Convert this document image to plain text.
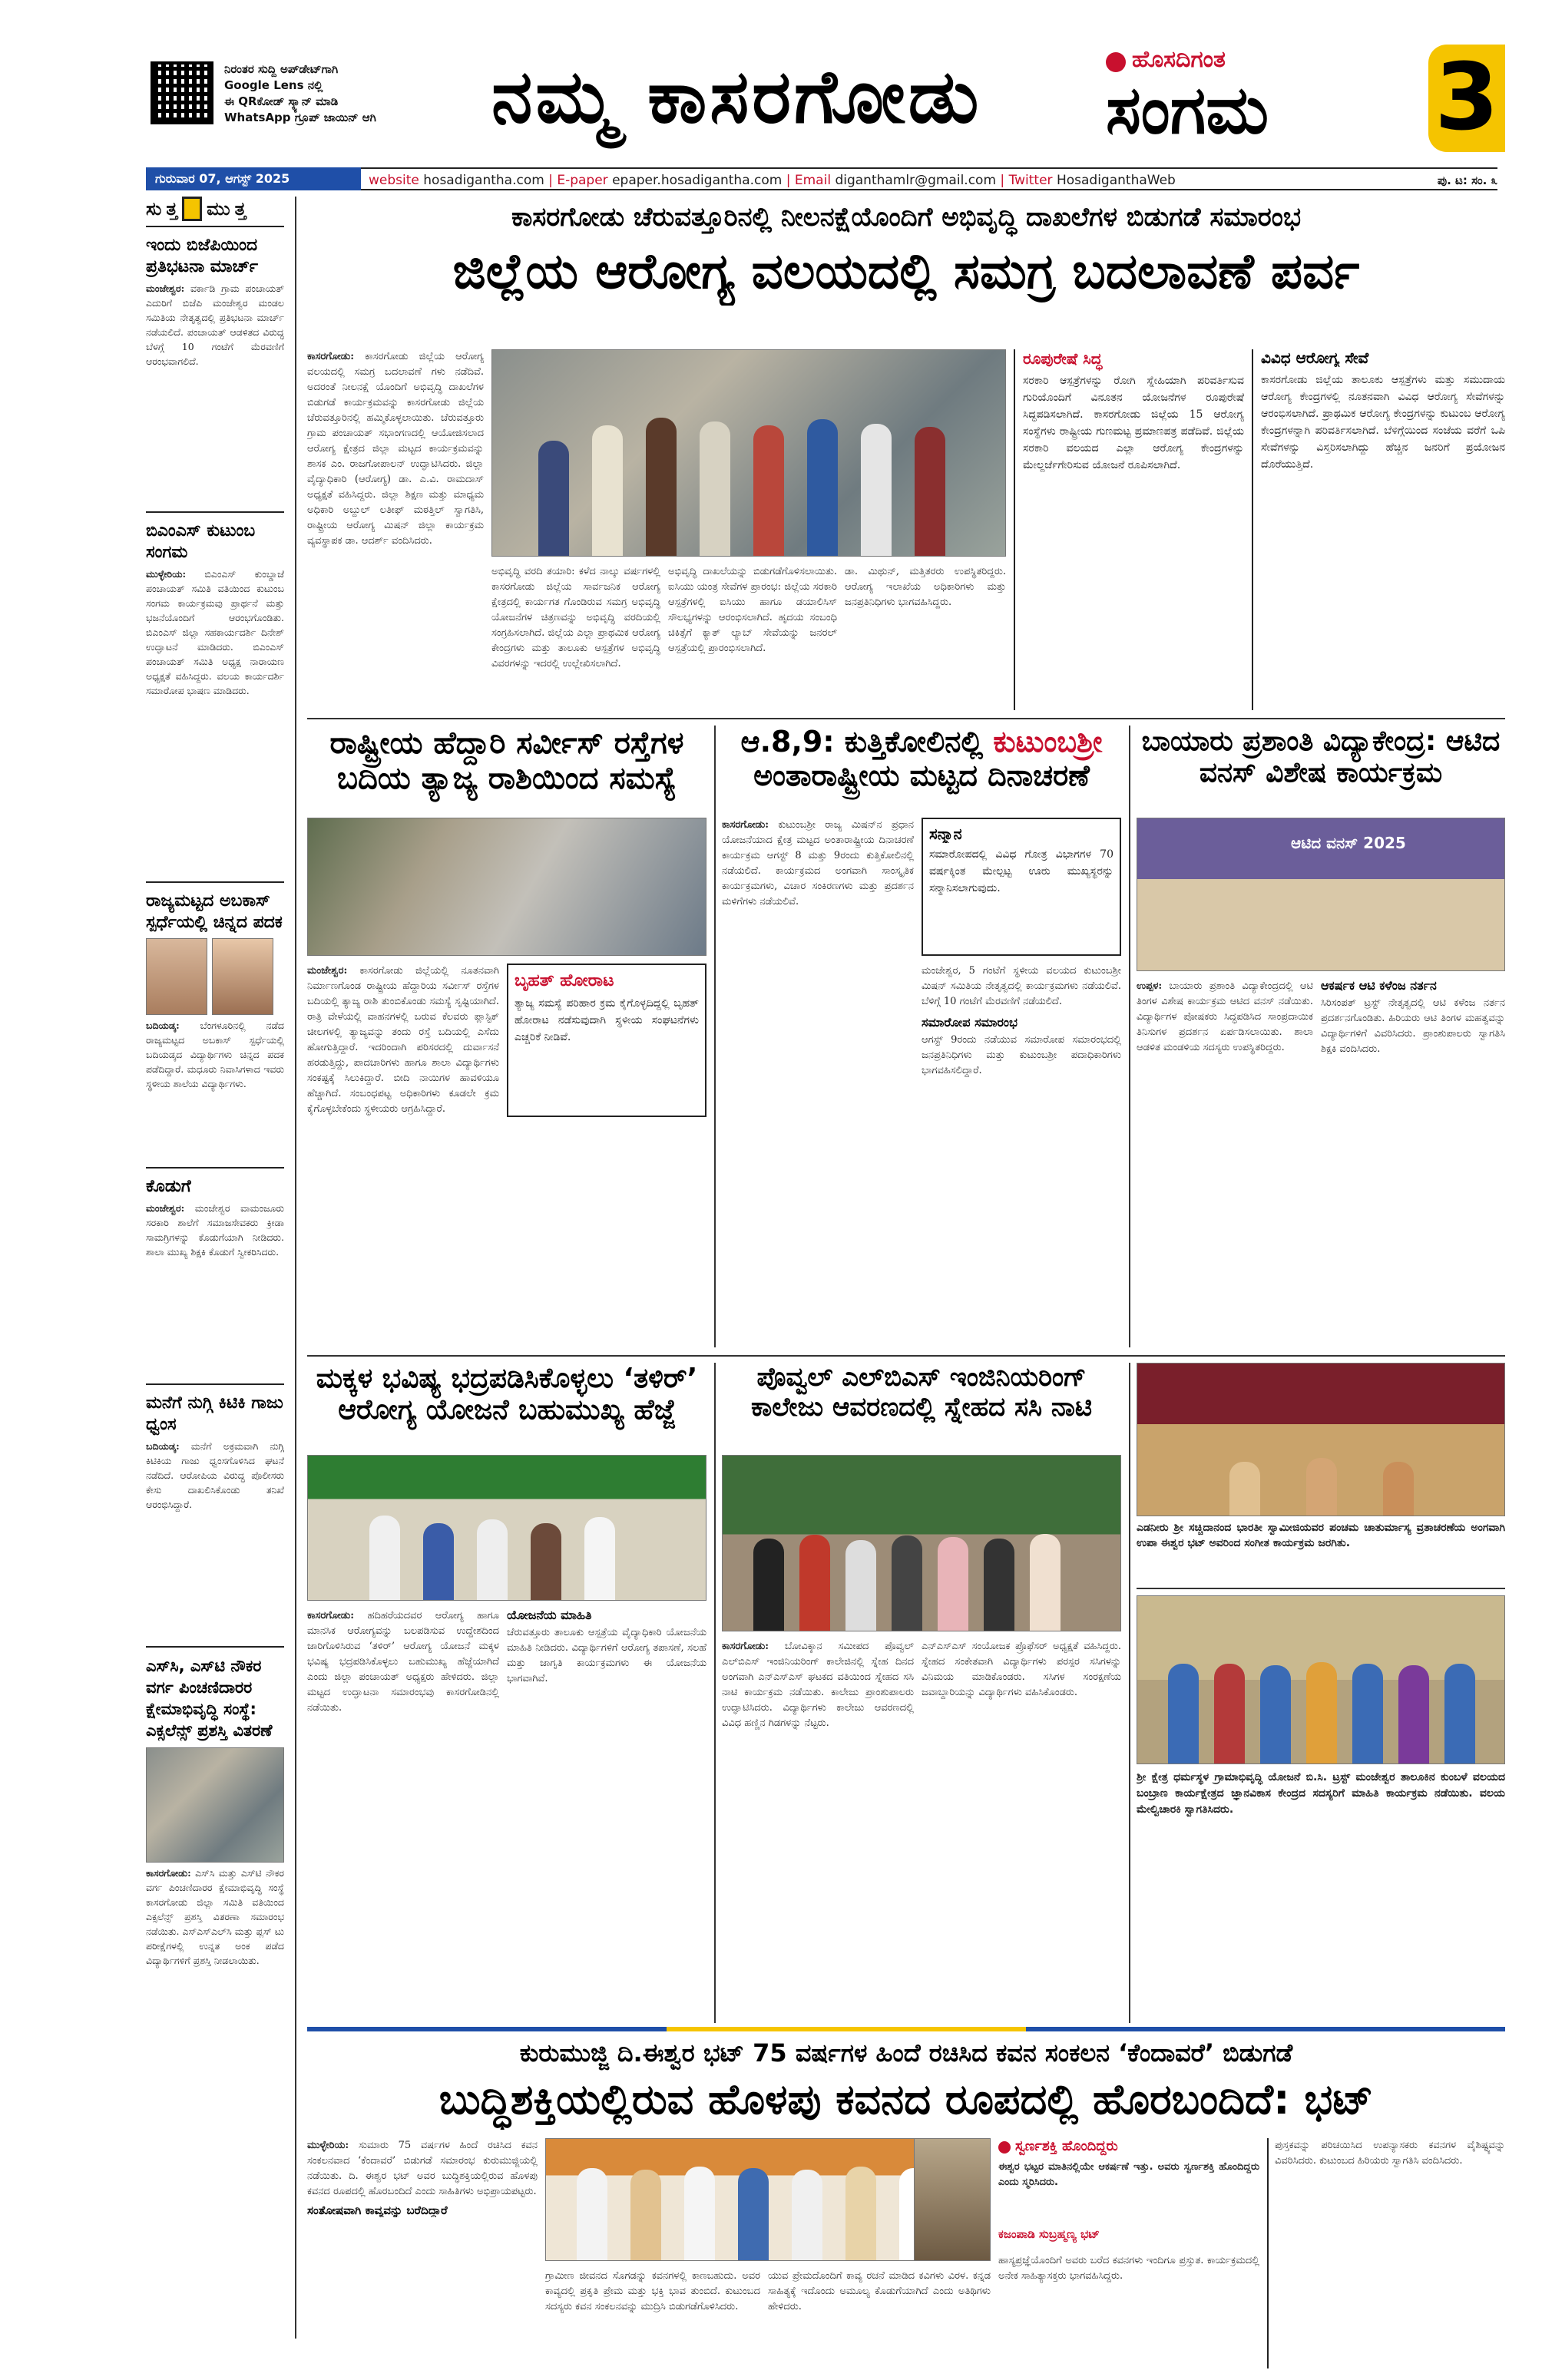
ನಿರಂತರ ಸುದ್ದಿ ಅಪ್‌ಡೇಟ್‌ಗಾಗಿ
Google Lens ನಲ್ಲಿ
ಈ QRಕೋಡ್ ಸ್ಕ್ಯಾನ್ ಮಾಡಿ
WhatsApp ಗ್ರೂಪ್ ಜಾಯಿನ್ ಆಗಿ ನಮ್ಮ ಕಾಸರಗೋಡು	ಹೊಸದಿಗಂತ
ಸಂಗಮ 3
ಗುರುವಾರ 07, ಆಗಸ್ಟ್ 2025	website hosadigantha.com | E-paper epaper.hosadigantha.com | Email diganthamlr@gmail.com | Twitter HosadiganthaWeb	ಪು. ಟ: ಸಂ. ೩
ಸು ತ್ತ ಮು ತ್ತ
ಇಂದು ಬಿಜೆಪಿಯಿಂದ ಪ್ರತಿಭಟನಾ ಮಾರ್ಚ್
ಮಂಜೇಶ್ವರ: ವರ್ಕಾಡಿ ಗ್ರಾಮ ಪಂಚಾಯತ್ ಎದುರಿಗೆ ಬಿಜೆಪಿ ಮಂಜೇಶ್ವರ ಮಂಡಲ ಸಮಿತಿಯ ನೇತೃತ್ವದಲ್ಲಿ ಪ್ರತಿಭಟನಾ ಮಾರ್ಚ್ ನಡೆಯಲಿದೆ. ಪಂಚಾಯತ್ ಆಡಳಿತದ ವಿರುದ್ಧ ಬೆಳಗ್ಗೆ 10 ಗಂಟೆಗೆ ಮೆರವಣಿಗೆ ಆರಂಭವಾಗಲಿದೆ.
ಬಿಎಂಎಸ್ ಕುಟುಂಬ ಸಂಗಮ
ಮುಳ್ಳೇರಿಯ: ಬಿಎಂಎಸ್ ಕುಂಬ್ಡಾಜೆ ಪಂಚಾಯತ್ ಸಮಿತಿ ವತಿಯಿಂದ ಕುಟುಂಬ ಸಂಗಮ ಕಾರ್ಯಕ್ರಮವು ಪ್ರಾರ್ಥನೆ ಮತ್ತು ಭಜನೆಯೊಂದಿಗೆ ಆರಂಭಗೊಂಡಿತು. ಬಿಎಂಎಸ್ ಜಿಲ್ಲಾ ಸಹಕಾರ್ಯದರ್ಶಿ ದಿನೇಶ್ ಉದ್ಘಾಟನೆ ಮಾಡಿದರು. ಬಿಎಂಎಸ್ ಪಂಚಾಯತ್ ಸಮಿತಿ ಅಧ್ಯಕ್ಷ ನಾರಾಯಣ ಅಧ್ಯಕ್ಷತೆ ವಹಿಸಿದ್ದರು. ವಲಯ ಕಾರ್ಯದರ್ಶಿ ಸಮಾರೋಪ ಭಾಷಣ ಮಾಡಿದರು.
ರಾಜ್ಯಮಟ್ಟದ ಅಬಕಾಸ್ ಸ್ಪರ್ಧೆಯಲ್ಲಿ ಚಿನ್ನದ ಪದಕ
ಬದಿಯಡ್ಕ: ಬೆಂಗಳೂರಿನಲ್ಲಿ ನಡೆದ ರಾಜ್ಯಮಟ್ಟದ ಅಬಕಾಸ್ ಸ್ಪರ್ಧೆಯಲ್ಲಿ ಬದಿಯಡ್ಕದ ವಿದ್ಯಾರ್ಥಿಗಳು ಚಿನ್ನದ ಪದಕ ಪಡೆದಿದ್ದಾರೆ. ಮಧೂರು ನಿವಾಸಿಗಳಾದ ಇವರು ಸ್ಥಳೀಯ ಶಾಲೆಯ ವಿದ್ಯಾರ್ಥಿಗಳು.
ಕೊಡುಗೆ
ಮಂಜೇಶ್ವರ: ಮಂಜೇಶ್ವರ ವಾಮಂಜೂರು ಸರಕಾರಿ ಶಾಲೆಗೆ ಸಮಾಜಸೇವಕರು ಕ್ರೀಡಾ ಸಾಮಗ್ರಿಗಳನ್ನು ಕೊಡುಗೆಯಾಗಿ ನೀಡಿದರು. ಶಾಲಾ ಮುಖ್ಯ ಶಿಕ್ಷಕಿ ಕೊಡುಗೆ ಸ್ವೀಕರಿಸಿದರು.
ಮನೆಗೆ ನುಗ್ಗಿ ಕಿಟಿಕಿ ಗಾಜು ಧ್ವಂಸ
ಬದಿಯಡ್ಕ: ಮನೆಗೆ ಅಕ್ರಮವಾಗಿ ನುಗ್ಗಿ ಕಿಟಿಕಿಯ ಗಾಜು ಧ್ವಂಸಗೊಳಿಸಿದ ಘಟನೆ ನಡೆದಿದೆ. ಆರೋಪಿಯ ವಿರುದ್ಧ ಪೊಲೀಸರು ಕೇಸು ದಾಖಲಿಸಿಕೊಂಡು ತನಿಖೆ ಆರಂಭಿಸಿದ್ದಾರೆ.
ಎಸ್‌ಸಿ, ಎಸ್‌ಟಿ ನೌಕರ ವರ್ಗ ಪಿಂಚಣಿದಾರರ ಕ್ಷೇಮಾಭಿವೃದ್ಧಿ ಸಂಸ್ಥೆ: ಎಕ್ಸಲೆನ್ಸ್ ಪ್ರಶಸ್ತಿ ವಿತರಣೆ
ಕಾಸರಗೋಡು: ಎಸ್‌ಸಿ ಮತ್ತು ಎಸ್‌ಟಿ ನೌಕರ ವರ್ಗ ಪಿಂಚಣಿದಾರರ ಕ್ಷೇಮಾಭಿವೃದ್ಧಿ ಸಂಸ್ಥೆ ಕಾಸರಗೋಡು ಜಿಲ್ಲಾ ಸಮಿತಿ ವತಿಯಿಂದ ಎಕ್ಸಲೆನ್ಸ್ ಪ್ರಶಸ್ತಿ ವಿತರಣಾ ಸಮಾರಂಭ ನಡೆಯಿತು. ಎಸ್‌ಎಸ್‌ಎಲ್‌ಸಿ ಮತ್ತು ಪ್ಲಸ್ ಟು ಪರೀಕ್ಷೆಗಳಲ್ಲಿ ಉನ್ನತ ಅಂಕ ಪಡೆದ ವಿದ್ಯಾರ್ಥಿಗಳಿಗೆ ಪ್ರಶಸ್ತಿ ನೀಡಲಾಯಿತು.
ಕಾಸರಗೋಡು ಚೆರುವತ್ತೂರಿನಲ್ಲಿ ನೀಲನಕ್ಷೆಯೊಂದಿಗೆ ಅಭಿವೃದ್ಧಿ ದಾಖಲೆಗಳ ಬಿಡುಗಡೆ ಸಮಾರಂಭ
ಜಿಲ್ಲೆಯ ಆರೋಗ್ಯ ವಲಯದಲ್ಲಿ ಸಮಗ್ರ ಬದಲಾವಣೆ ಪರ್ವ
ಕಾಸರಗೋಡು: ಕಾಸರಗೋಡು ಜಿಲ್ಲೆಯ ಆರೋಗ್ಯ ವಲಯದಲ್ಲಿ ಸಮಗ್ರ ಬದಲಾವಣೆ ಗಳು ನಡೆದಿವೆ. ಅದರಂತೆ ನೀಲನಕ್ಷೆ ಯೊಂದಿಗೆ ಅಭಿವೃದ್ಧಿ ದಾಖಲೆಗಳ ಬಿಡುಗಡೆ ಕಾರ್ಯಕ್ರಮವನ್ನು ಕಾಸರಗೋಡು ಜಿಲ್ಲೆಯ ಚೆರುವತ್ತೂರಿನಲ್ಲಿ ಹಮ್ಮಿಕೊಳ್ಳಲಾಯಿತು. ಚೆರುವತ್ತೂರು ಗ್ರಾಮ ಪಂಚಾಯತ್ ಸಭಾಂಗಣದಲ್ಲಿ ಆಯೋಜಿಸಲಾದ ಆರೋಗ್ಯ ಕ್ಷೇತ್ರದ ಜಿಲ್ಲಾ ಮಟ್ಟದ ಕಾರ್ಯಕ್ರಮವನ್ನು ಶಾಸಕ ಎಂ. ರಾಜಗೋಪಾಲನ್ ಉದ್ಘಾಟಿಸಿದರು. ಜಿಲ್ಲಾ ವೈದ್ಯಾಧಿಕಾರಿ (ಆರೋಗ್ಯ) ಡಾ. ಎ.ವಿ. ರಾಮದಾಸ್ ಅಧ್ಯಕ್ಷತೆ ವಹಿಸಿದ್ದರು. ಜಿಲ್ಲಾ ಶಿಕ್ಷಣ ಮತ್ತು ಮಾಧ್ಯಮ ಅಧಿಕಾರಿ ಅಬ್ದುಲ್ ಲತೀಫ್ ಮಠತ್ತಿಲ್ ಸ್ವಾಗತಿಸಿ, ರಾಷ್ಟ್ರೀಯ ಆರೋಗ್ಯ ಮಿಷನ್ ಜಿಲ್ಲಾ ಕಾರ್ಯಕ್ರಮ ವ್ಯವಸ್ಥಾಪಕ ಡಾ. ಆದರ್ಶ್ ವಂದಿಸಿದರು.
ಅಭಿವೃದ್ಧಿ ವರದಿ ತಯಾರಿ: ಕಳೆದ ನಾಲ್ಕು ವರ್ಷಗಳಲ್ಲಿ ಕಾಸರಗೋಡು ಜಿಲ್ಲೆಯ ಸಾರ್ವಜನಿಕ ಆರೋಗ್ಯ ಕ್ಷೇತ್ರದಲ್ಲಿ ಕಾರ್ಯಗತ ಗೊಂಡಿರುವ ಸಮಗ್ರ ಅಭಿವೃದ್ಧಿ ಯೋಜನೆಗಳ ಚಿತ್ರಣವನ್ನು ಅಭಿವೃದ್ಧಿ ವರದಿಯಲ್ಲಿ ಸಂಗ್ರಹಿಸಲಾಗಿದೆ. ಜಿಲ್ಲೆಯ ಎಲ್ಲಾ ಪ್ರಾಥಮಿಕ ಆರೋಗ್ಯ ಕೇಂದ್ರಗಳು ಮತ್ತು ತಾಲೂಕು ಆಸ್ಪತ್ರೆಗಳ ಅಭಿವೃದ್ಧಿ ವಿವರಗಳನ್ನು ಇದರಲ್ಲಿ ಉಲ್ಲೇಖಿಸಲಾಗಿದೆ.
ಅಭಿವೃದ್ಧಿ ದಾಖಲೆಯನ್ನು ಬಿಡುಗಡೆಗೊಳಿಸಲಾಯಿತು. ಐಸಿಯು ಯಂತ್ರ ಸೇವೆಗಳ ಪ್ರಾರಂಭ: ಜಿಲ್ಲೆಯ ಸರಕಾರಿ ಆಸ್ಪತ್ರೆಗಳಲ್ಲಿ ಐಸಿಯು ಹಾಗೂ ಡಯಾಲಿಸಿಸ್ ಸೌಲಭ್ಯಗಳನ್ನು ಆರಂಭಿಸಲಾಗಿದೆ. ಹೃದಯ ಸಂಬಂಧಿ ಚಿಕಿತ್ಸೆಗೆ ಕ್ಯಾತ್ ಲ್ಯಾಬ್ ಸೇವೆಯನ್ನು ಜನರಲ್ ಆಸ್ಪತ್ರೆಯಲ್ಲಿ ಪ್ರಾರಂಭಿಸಲಾಗಿದೆ.
ಡಾ. ಮಿಥುನ್, ಮತ್ತಿತರರು ಉಪಸ್ಥಿತರಿದ್ದರು. ಆರೋಗ್ಯ ಇಲಾಖೆಯ ಅಧಿಕಾರಿಗಳು ಮತ್ತು ಜನಪ್ರತಿನಿಧಿಗಳು ಭಾಗವಹಿಸಿದ್ದರು.
ರೂಪುರೇಷೆ ಸಿದ್ಧ
ಸರಕಾರಿ ಆಸ್ಪತ್ರೆಗಳನ್ನು ರೋಗಿ ಸ್ನೇಹಿಯಾಗಿ ಪರಿವರ್ತಿಸುವ ಗುರಿಯೊಂದಿಗೆ ವಿನೂತನ ಯೋಜನೆಗಳ ರೂಪುರೇಷೆ ಸಿದ್ಧಪಡಿಸಲಾಗಿದೆ. ಕಾಸರಗೋಡು ಜಿಲ್ಲೆಯ 15 ಆರೋಗ್ಯ ಸಂಸ್ಥೆಗಳು ರಾಷ್ಟ್ರೀಯ ಗುಣಮಟ್ಟ ಪ್ರಮಾಣಪತ್ರ ಪಡೆದಿವೆ. ಜಿಲ್ಲೆಯ ಸರಕಾರಿ ವಲಯದ ಎಲ್ಲಾ ಆರೋಗ್ಯ ಕೇಂದ್ರಗಳನ್ನು ಮೇಲ್ದರ್ಜೆಗೇರಿಸುವ ಯೋಜನೆ ರೂಪಿಸಲಾಗಿದೆ.
ವಿವಿಧ ಆರೋಗ್ಯ ಸೇವೆ
ಕಾಸರಗೋಡು ಜಿಲ್ಲೆಯ ತಾಲೂಕು ಆಸ್ಪತ್ರೆಗಳು ಮತ್ತು ಸಮುದಾಯ ಆರೋಗ್ಯ ಕೇಂದ್ರಗಳಲ್ಲಿ ನೂತನವಾಗಿ ವಿವಿಧ ಆರೋಗ್ಯ ಸೇವೆಗಳನ್ನು ಆರಂಭಿಸಲಾಗಿದೆ. ಪ್ರಾಥಮಿಕ ಆರೋಗ್ಯ ಕೇಂದ್ರಗಳನ್ನು ಕುಟುಂಬ ಆರೋಗ್ಯ ಕೇಂದ್ರಗಳನ್ನಾಗಿ ಪರಿವರ್ತಿಸಲಾಗಿದೆ. ಬೆಳಿಗ್ಗೆಯಿಂದ ಸಂಜೆಯ ವರೆಗೆ ಒಪಿ ಸೇವೆಗಳನ್ನು ವಿಸ್ತರಿಸಲಾಗಿದ್ದು ಹೆಚ್ಚಿನ ಜನರಿಗೆ ಪ್ರಯೋಜನ ದೊರೆಯುತ್ತಿದೆ.
ರಾಷ್ಟ್ರೀಯ ಹೆದ್ದಾರಿ ಸರ್ವೀಸ್ ರಸ್ತೆಗಳ ಬದಿಯ ತ್ಯಾಜ್ಯ ರಾಶಿಯಿಂದ ಸಮಸ್ಯೆ
ಮಂಜೇಶ್ವರ: ಕಾಸರಗೋಡು ಜಿಲ್ಲೆಯಲ್ಲಿ ನೂತನವಾಗಿ ನಿರ್ಮಾಣಗೊಂಡ ರಾಷ್ಟ್ರೀಯ ಹೆದ್ದಾರಿಯ ಸರ್ವೀಸ್ ರಸ್ತೆಗಳ ಬದಿಯಲ್ಲಿ ತ್ಯಾಜ್ಯ ರಾಶಿ ತುಂಬಿಕೊಂಡು ಸಮಸ್ಯೆ ಸೃಷ್ಟಿಯಾಗಿದೆ. ರಾತ್ರಿ ವೇಳೆಯಲ್ಲಿ ವಾಹನಗಳಲ್ಲಿ ಬರುವ ಕೆಲವರು ಪ್ಲಾಸ್ಟಿಕ್ ಚೀಲಗಳಲ್ಲಿ ತ್ಯಾಜ್ಯವನ್ನು ತಂದು ರಸ್ತೆ ಬದಿಯಲ್ಲಿ ಎಸೆದು ಹೋಗುತ್ತಿದ್ದಾರೆ. ಇದರಿಂದಾಗಿ ಪರಿಸರದಲ್ಲಿ ದುರ್ವಾಸನೆ ಹರಡುತ್ತಿದ್ದು, ಪಾದಚಾರಿಗಳು ಹಾಗೂ ಶಾಲಾ ವಿದ್ಯಾರ್ಥಿಗಳು ಸಂಕಷ್ಟಕ್ಕೆ ಸಿಲುಕಿದ್ದಾರೆ. ಬೀದಿ ನಾಯಿಗಳ ಹಾವಳಿಯೂ ಹೆಚ್ಚಾಗಿದೆ. ಸಂಬಂಧಪಟ್ಟ ಅಧಿಕಾರಿಗಳು ಕೂಡಲೇ ಕ್ರಮ ಕೈಗೊಳ್ಳಬೇಕೆಂದು ಸ್ಥಳೀಯರು ಆಗ್ರಹಿಸಿದ್ದಾರೆ.
ಬೃಹತ್ ಹೋರಾಟ
ತ್ಯಾಜ್ಯ ಸಮಸ್ಯೆ ಪರಿಹಾರ ಕ್ರಮ ಕೈಗೊಳ್ಳದಿದ್ದಲ್ಲಿ ಬೃಹತ್ ಹೋರಾಟ ನಡೆಸುವುದಾಗಿ ಸ್ಥಳೀಯ ಸಂಘಟನೆಗಳು ಎಚ್ಚರಿಕೆ ನೀಡಿವೆ.
ಆ.8,9: ಕುತ್ತಿಕೋಲಿನಲ್ಲಿ ಕುಟುಂಬಶ್ರೀ
ಅಂತಾರಾಷ್ಟ್ರೀಯ ಮಟ್ಟದ ದಿನಾಚರಣೆ
ಕಾಸರಗೋಡು: ಕುಟುಂಬಶ್ರೀ ರಾಜ್ಯ ಮಿಷನ್‌ನ ಪ್ರಧಾನ ಯೋಜನೆಯಾದ ಕ್ಷೇತ್ರ ಮಟ್ಟದ ಅಂತಾರಾಷ್ಟ್ರೀಯ ದಿನಾಚರಣೆ ಕಾರ್ಯಕ್ರಮ ಆಗಸ್ಟ್ 8 ಮತ್ತು 9ರಂದು ಕುತ್ತಿಕೋಲಿನಲ್ಲಿ ನಡೆಯಲಿದೆ. ಕಾರ್ಯಕ್ರಮದ ಅಂಗವಾಗಿ ಸಾಂಸ್ಕೃತಿಕ ಕಾರ್ಯಕ್ರಮಗಳು, ವಿಚಾರ ಸಂಕಿರಣಗಳು ಮತ್ತು ಪ್ರದರ್ಶನ ಮಳಿಗೆಗಳು ನಡೆಯಲಿವೆ.
ಸನ್ಮಾನ
ಸಮಾರೋಪದಲ್ಲಿ ವಿವಿಧ ಗೋತ್ರ ವಿಭಾಗಗಳ 70 ವರ್ಷಕ್ಕಿಂತ ಮೇಲ್ಪಟ್ಟ ಊರು ಮುಖ್ಯಸ್ಥರನ್ನು ಸನ್ಮಾನಿಸಲಾಗುವುದು.
ಮಂಜೇಶ್ವರ, 5 ಗಂಟೆಗೆ ಸ್ಥಳೀಯ ವಲಯದ ಕುಟುಂಬಶ್ರೀ ಮಿಷನ್ ಸಮಿತಿಯ ನೇತೃತ್ವದಲ್ಲಿ ಕಾರ್ಯಕ್ರಮಗಳು ನಡೆಯಲಿವೆ. ಬೆಳಿಗ್ಗೆ 10 ಗಂಟೆಗೆ ಮೆರವಣಿಗೆ ನಡೆಯಲಿದೆ.
ಸಮಾರೋಪ ಸಮಾರಂಭ
ಆಗಸ್ಟ್ 9ರಂದು ನಡೆಯುವ ಸಮಾರೋಪ ಸಮಾರಂಭದಲ್ಲಿ ಜನಪ್ರತಿನಿಧಿಗಳು ಮತ್ತು ಕುಟುಂಬಶ್ರೀ ಪದಾಧಿಕಾರಿಗಳು ಭಾಗವಹಿಸಲಿದ್ದಾರೆ.
ಬಾಯಾರು ಪ್ರಶಾಂತಿ ವಿದ್ಯಾಕೇಂದ್ರ: ಆಟಿದ ವನಸ್ ವಿಶೇಷ ಕಾರ್ಯಕ್ರಮ
ಆಟಿದ ವನಸ್ 2025
ಉಪ್ಪಳ: ಬಾಯಾರು ಪ್ರಶಾಂತಿ ವಿದ್ಯಾಕೇಂದ್ರದಲ್ಲಿ ಆಟಿ ತಿಂಗಳ ವಿಶೇಷ ಕಾರ್ಯಕ್ರಮ ಆಟಿದ ವನಸ್ ನಡೆಯಿತು. ವಿದ್ಯಾರ್ಥಿಗಳ ಪೋಷಕರು ಸಿದ್ಧಪಡಿಸಿದ ಸಾಂಪ್ರದಾಯಿಕ ತಿನಿಸುಗಳ ಪ್ರದರ್ಶನ ಏರ್ಪಡಿಸಲಾಯಿತು. ಶಾಲಾ ಆಡಳಿತ ಮಂಡಳಿಯ ಸದಸ್ಯರು ಉಪಸ್ಥಿತರಿದ್ದರು.
ಆಕರ್ಷಕ ಆಟಿ ಕಳೆಂಜ ನರ್ತನ
ಸಿರಿಸಂಪತ್ ಟ್ರಸ್ಟ್ ನೇತೃತ್ವದಲ್ಲಿ ಆಟಿ ಕಳೆಂಜ ನರ್ತನ ಪ್ರದರ್ಶನಗೊಂಡಿತು. ಹಿರಿಯರು ಆಟಿ ತಿಂಗಳ ಮಹತ್ವವನ್ನು ವಿದ್ಯಾರ್ಥಿಗಳಿಗೆ ವಿವರಿಸಿದರು. ಪ್ರಾಂಶುಪಾಲರು ಸ್ವಾಗತಿಸಿ ಶಿಕ್ಷಕಿ ವಂದಿಸಿದರು.
ಮಕ್ಕಳ ಭವಿಷ್ಯ ಭದ್ರಪಡಿಸಿಕೊಳ್ಳಲು ‘ತಳಿರ್’ ಆರೋಗ್ಯ ಯೋಜನೆ ಬಹುಮುಖ್ಯ ಹೆಜ್ಜೆ
ಕಾಸರಗೋಡು: ಹದಿಹರೆಯದವರ ಆರೋಗ್ಯ ಹಾಗೂ ಮಾನಸಿಕ ಆರೋಗ್ಯವನ್ನು ಬಲಪಡಿಸುವ ಉದ್ದೇಶದಿಂದ ಜಾರಿಗೊಳಿಸಿರುವ ‘ತಳಿರ್’ ಆರೋಗ್ಯ ಯೋಜನೆ ಮಕ್ಕಳ ಭವಿಷ್ಯ ಭದ್ರಪಡಿಸಿಕೊಳ್ಳಲು ಬಹುಮುಖ್ಯ ಹೆಜ್ಜೆಯಾಗಿದೆ ಎಂದು ಜಿಲ್ಲಾ ಪಂಚಾಯತ್ ಅಧ್ಯಕ್ಷರು ಹೇಳಿದರು. ಜಿಲ್ಲಾ ಮಟ್ಟದ ಉದ್ಘಾಟನಾ ಸಮಾರಂಭವು ಕಾಸರಗೋಡಿನಲ್ಲಿ ನಡೆಯಿತು.
ಯೋಜನೆಯ ಮಾಹಿತಿ
ಚೆರುವತ್ತೂರು ತಾಲೂಕು ಆಸ್ಪತ್ರೆಯ ವೈದ್ಯಾಧಿಕಾರಿ ಯೋಜನೆಯ ಮಾಹಿತಿ ನೀಡಿದರು. ವಿದ್ಯಾರ್ಥಿಗಳಿಗೆ ಆರೋಗ್ಯ ತಪಾಸಣೆ, ಸಲಹೆ ಮತ್ತು ಜಾಗೃತಿ ಕಾರ್ಯಕ್ರಮಗಳು ಈ ಯೋಜನೆಯ ಭಾಗವಾಗಿವೆ.
ಪೊವ್ವಲ್ ಎಲ್‌ಬಿಎಸ್ ಇಂಜಿನಿಯರಿಂಗ್ ಕಾಲೇಜು ಆವರಣದಲ್ಲಿ ಸ್ನೇಹದ ಸಸಿ ನಾಟಿ
ಕಾಸರಗೋಡು: ಬೋವಿಕ್ಕಾನ ಸಮೀಪದ ಪೊವ್ವಲ್ ಎಲ್‌ಬಿಎಸ್ ಇಂಜಿನಿಯರಿಂಗ್ ಕಾಲೇಜಿನಲ್ಲಿ ಸ್ನೇಹ ದಿನದ ಅಂಗವಾಗಿ ಎನ್‌ಎಸ್‌ಎಸ್ ಘಟಕದ ವತಿಯಿಂದ ಸ್ನೇಹದ ಸಸಿ ನಾಟಿ ಕಾರ್ಯಕ್ರಮ ನಡೆಯಿತು. ಕಾಲೇಜು ಪ್ರಾಂಶುಪಾಲರು ಉದ್ಘಾಟಿಸಿದರು. ವಿದ್ಯಾರ್ಥಿಗಳು ಕಾಲೇಜು ಆವರಣದಲ್ಲಿ ವಿವಿಧ ಹಣ್ಣಿನ ಗಿಡಗಳನ್ನು ನೆಟ್ಟರು.
ಎನ್‌ಎಸ್‌ಎಸ್ ಸಂಯೋಜಕ ಪ್ರೊಫೆಸರ್ ಅಧ್ಯಕ್ಷತೆ ವಹಿಸಿದ್ದರು. ಸ್ನೇಹದ ಸಂಕೇತವಾಗಿ ವಿದ್ಯಾರ್ಥಿಗಳು ಪರಸ್ಪರ ಸಸಿಗಳನ್ನು ವಿನಿಮಯ ಮಾಡಿಕೊಂಡರು. ಸಸಿಗಳ ಸಂರಕ್ಷಣೆಯ ಜವಾಬ್ದಾರಿಯನ್ನು ವಿದ್ಯಾರ್ಥಿಗಳು ವಹಿಸಿಕೊಂಡರು.
ಎಡನೀರು ಶ್ರೀ ಸಚ್ಚಿದಾನಂದ ಭಾರತೀ ಸ್ವಾಮೀಜಿಯವರ ಪಂಚಮ ಚಾತುರ್ಮಾಸ್ಯ ವ್ರತಾಚರಣೆಯ ಅಂಗವಾಗಿ ಉಪಾ ಈಶ್ವರ ಭಟ್ ಅವರಿಂದ ಸಂಗೀತ ಕಾರ್ಯಕ್ರಮ ಜರಗಿತು.
ಶ್ರೀ ಕ್ಷೇತ್ರ ಧರ್ಮಸ್ಥಳ ಗ್ರಾಮಾಭಿವೃದ್ಧಿ ಯೋಜನೆ ಬಿ.ಸಿ. ಟ್ರಸ್ಟ್ ಮಂಜೇಶ್ವರ ತಾಲೂಕಿನ ಕುಂಬಳೆ ವಲಯದ ಬಂಬ್ರಾಣ ಕಾರ್ಯಕ್ಷೇತ್ರದ ಜ್ಞಾನವಿಕಾಸ ಕೇಂದ್ರದ ಸದಸ್ಯರಿಗೆ ಮಾಹಿತಿ ಕಾರ್ಯಕ್ರಮ ನಡೆಯಿತು. ವಲಯ ಮೇಲ್ವಿಚಾರಕಿ ಸ್ವಾಗತಿಸಿದರು.
ಕುರುಮುಜ್ಜಿ ದಿ.ಈಶ್ವರ ಭಟ್ 75 ವರ್ಷಗಳ ಹಿಂದೆ ರಚಿಸಿದ ಕವನ ಸಂಕಲನ ‘ಕೆಂದಾವರೆ’ ಬಿಡುಗಡೆ
ಬುದ್ಧಿಶಕ್ತಿಯಲ್ಲಿರುವ ಹೊಳಪು ಕವನದ ರೂಪದಲ್ಲಿ ಹೊರಬಂದಿದೆ: ಭಟ್
ಮುಳ್ಳೇರಿಯ: ಸುಮಾರು 75 ವರ್ಷಗಳ ಹಿಂದೆ ರಚಿಸಿದ ಕವನ ಸಂಕಲನವಾದ ‘ಕೆಂದಾವರೆ’ ಬಿಡುಗಡೆ ಸಮಾರಂಭ ಕುರುಮುಜ್ಜಿಯಲ್ಲಿ ನಡೆಯಿತು. ದಿ. ಈಶ್ವರ ಭಟ್ ಅವರ ಬುದ್ಧಿಶಕ್ತಿಯಲ್ಲಿರುವ ಹೊಳಪು ಕವನದ ರೂಪದಲ್ಲಿ ಹೊರಬಂದಿದೆ ಎಂದು ಸಾಹಿತಿಗಳು ಅಭಿಪ್ರಾಯಪಟ್ಟರು.
ಸಂತೋಷವಾಗಿ ಕಾವ್ಯವನ್ನು ಬರೆದಿದ್ದಾರೆ
ಗ್ರಾಮೀಣ ಜೀವನದ ಸೊಗಡನ್ನು ಕವನಗಳಲ್ಲಿ ಕಾಣಬಹುದು. ಅವರ ಕಾವ್ಯದಲ್ಲಿ ಪ್ರಕೃತಿ ಪ್ರೇಮ ಮತ್ತು ಭಕ್ತಿ ಭಾವ ತುಂಬಿದೆ. ಕುಟುಂಬದ ಸದಸ್ಯರು ಕವನ ಸಂಕಲನವನ್ನು ಮುದ್ರಿಸಿ ಬಿಡುಗಡೆಗೊಳಿಸಿದರು.
ಯುವ ಪ್ರೇಮದೊಂದಿಗೆ ಕಾವ್ಯ ರಚನೆ ಮಾಡಿದ ಕವಿಗಳು ವಿರಳ. ಕನ್ನಡ ಸಾಹಿತ್ಯಕ್ಕೆ ಇದೊಂದು ಅಮೂಲ್ಯ ಕೊಡುಗೆಯಾಗಿದೆ ಎಂದು ಅತಿಥಿಗಳು ಹೇಳಿದರು.
ಸ್ವರ್ಣಶಕ್ತಿ ಹೊಂದಿದ್ದರು
ಈಶ್ವರ ಭಟ್ಟರ ಮಾತಿನಲ್ಲಿಯೇ ಆಕರ್ಷಣೆ ಇತ್ತು. ಅವರು ಸ್ವರ್ಣಶಕ್ತಿ ಹೊಂದಿದ್ದರು ಎಂದು ಸ್ಮರಿಸಿದರು.
ಕಜಂಪಾಡಿ ಸುಬ್ರಹ್ಮಣ್ಯ ಭಟ್
ಹಾಸ್ಯಪ್ರಜ್ಞೆಯೊಂದಿಗೆ ಅವರು ಬರೆದ ಕವನಗಳು ಇಂದಿಗೂ ಪ್ರಸ್ತುತ. ಕಾರ್ಯಕ್ರಮದಲ್ಲಿ ಅನೇಕ ಸಾಹಿತ್ಯಾಸಕ್ತರು ಭಾಗವಹಿಸಿದ್ದರು.
ಪುಸ್ತಕವನ್ನು ಪರಿಚಯಿಸಿದ ಉಪನ್ಯಾಸಕರು ಕವನಗಳ ವೈಶಿಷ್ಟ್ಯವನ್ನು ವಿವರಿಸಿದರು. ಕುಟುಂಬದ ಹಿರಿಯರು ಸ್ವಾಗತಿಸಿ ವಂದಿಸಿದರು.
